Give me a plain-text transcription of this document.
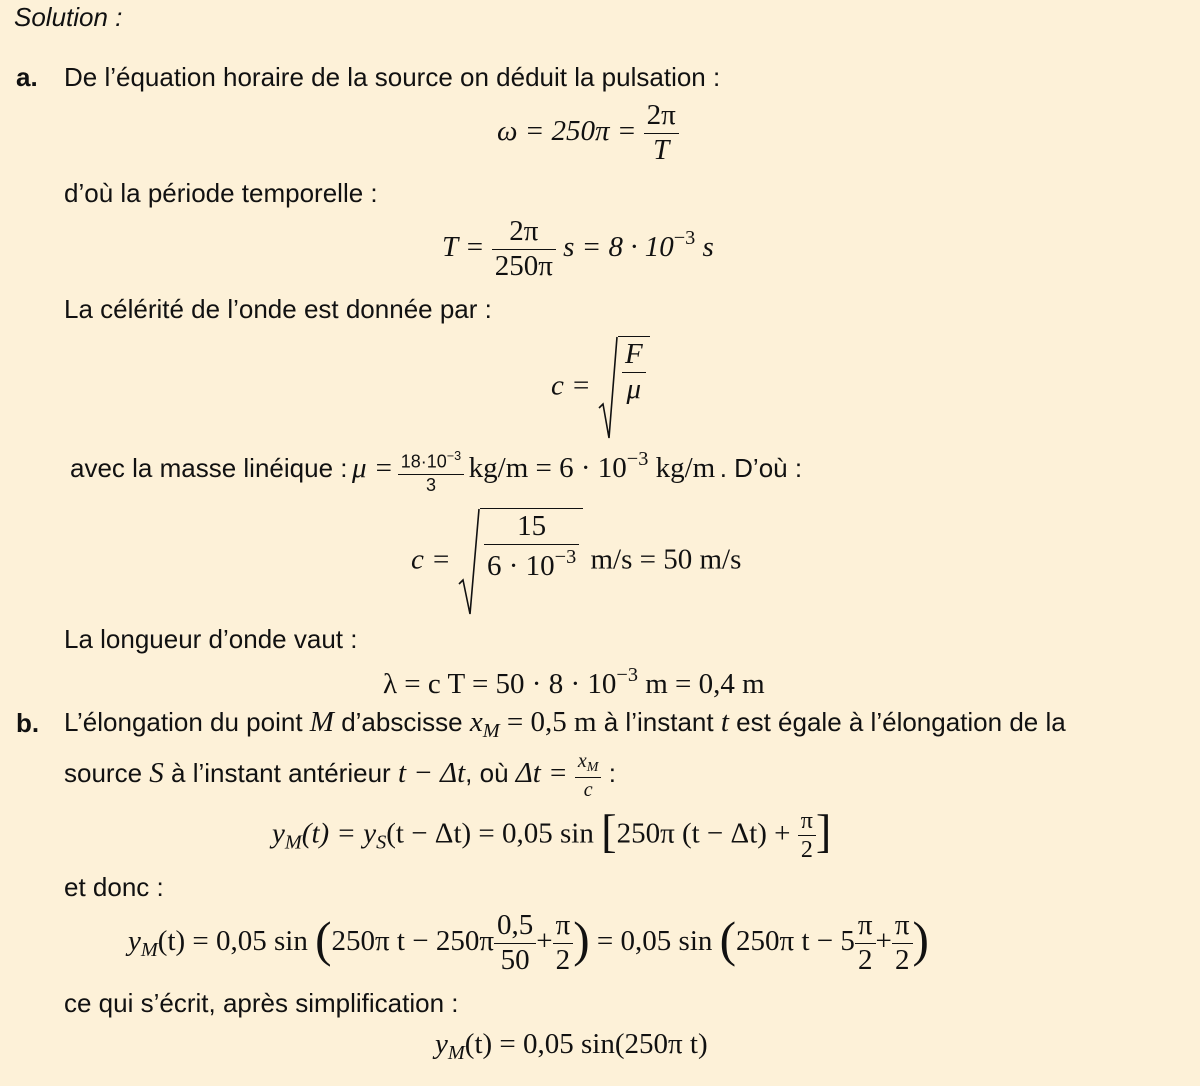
Solution :
a. De l’équation horaire de la source on déduit la pulsation :
$\omega = 250\pi = \frac{2\pi}{T}$
d’où la période temporelle :
$T = \frac{2\pi}{250\pi}$ $s = 8 \cdot 10^{-3}$ s
La célérité de l’onde est donnée par :
$c = \frac{F}{\mu}$
avec la masse linéique : $\mu = \frac{18\cdot 10^{-3}}{3} kg/m = 6 \cdot 10^{-3}$ kg/m . D’où :
$c = \frac{15}{6 \cdot 10^{-3}} m/s = 50$ m/s
La longueur d’onde vaut :
λ = c $T = 50 \cdot 8 \cdot 10^{-3}$ m = 0,4 m
b. L’élongation du point M d’abscisse $x_M = 0,5$ m à l’instant t est égale à l’élongation de la
source S à l’instant antérieur t − Δt, où $\Delta t = \frac{x_M}{c}$ :
$y_M(t) = y_S(t - \Delta t) = 0,05$ sin [250π $(t - \Delta t) + \frac{\pi}{2}$ ]
et donc :
$y_M(t) = 0,05$ sin (250π $t - 250\pi \frac{0,5}{50} + \frac{\pi}{2}$ ) = 0,05 sin (250π $t - 5 \frac{\pi}{2} + \frac{\pi}{2}$ )
ce qui s’écrit, après simplification :
$y_M(t) = 0,05$ sin(250π t)
